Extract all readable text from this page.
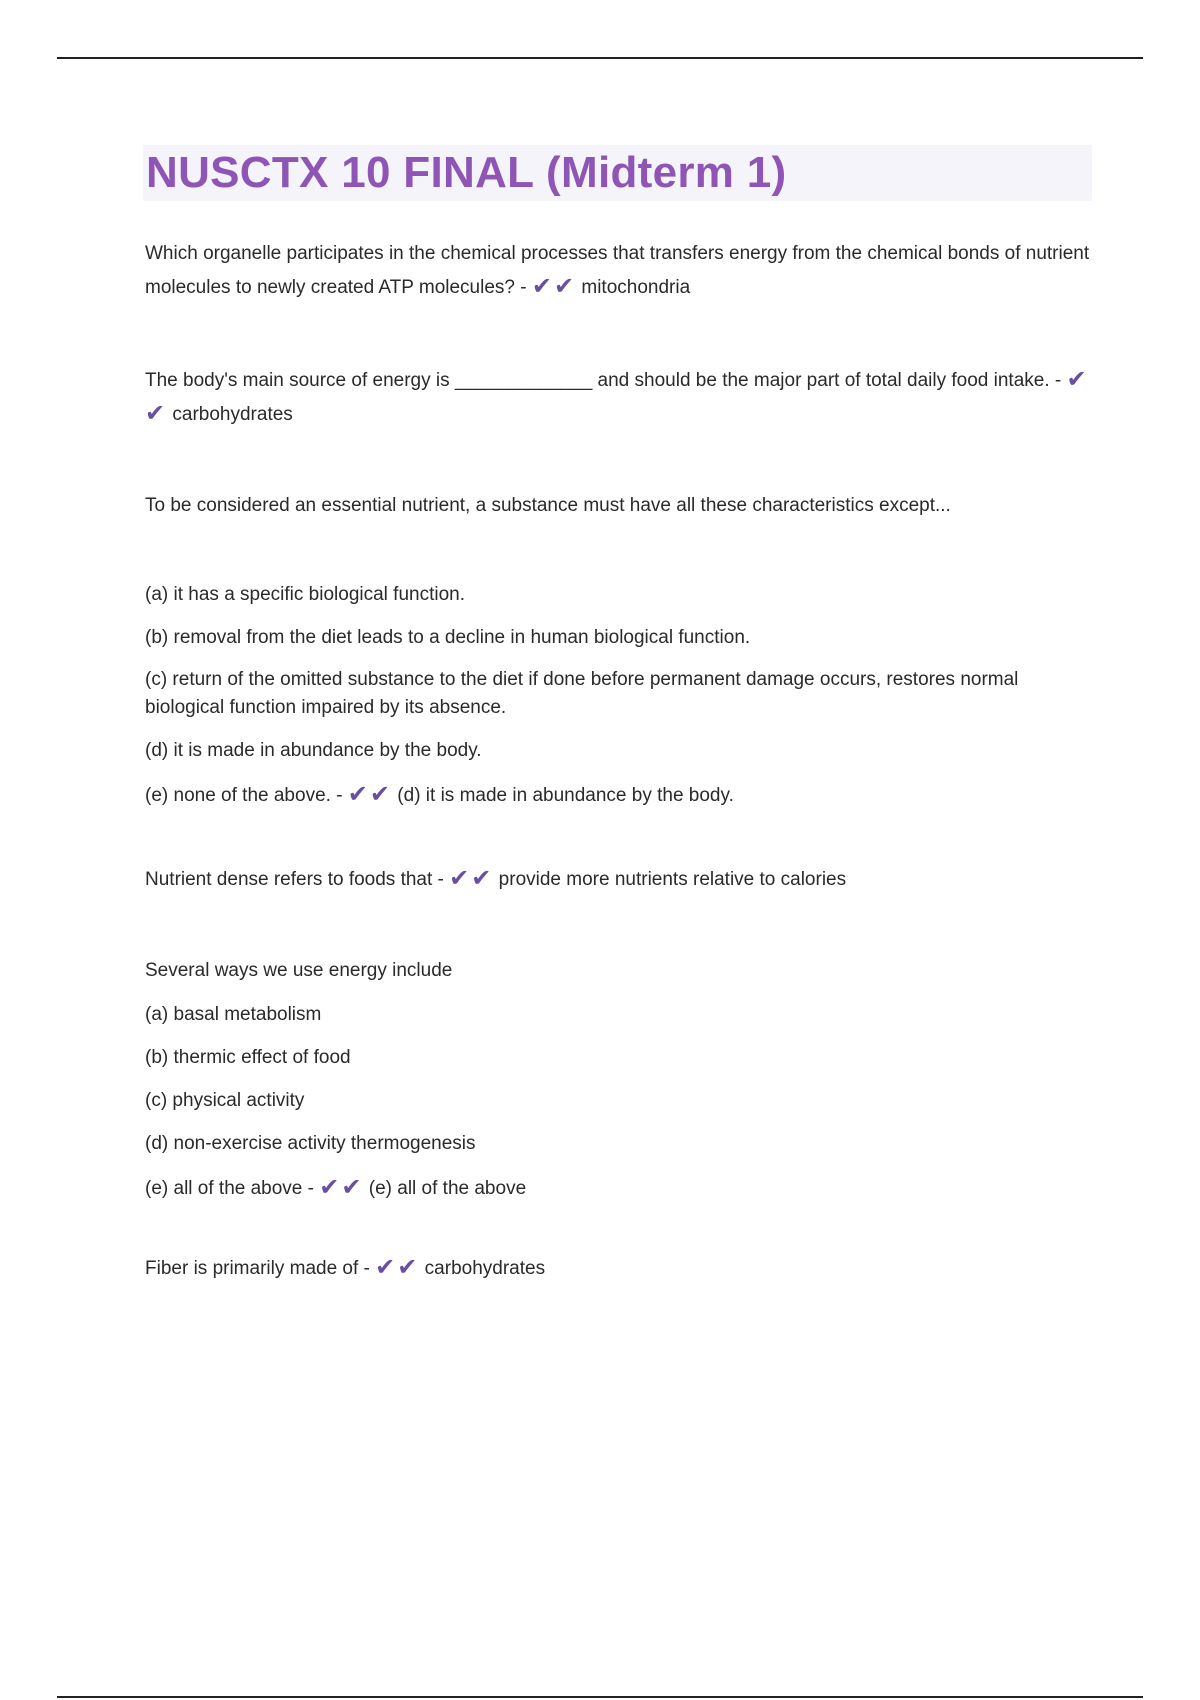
NUSCTX 10 FINAL (Midterm 1)

Which organelle participates in the chemical processes that transfers energy from the chemical bonds of nutrient molecules to newly created ATP molecules? - ✔✔ mitochondria

The body's main source of energy is _____________ and should be the major part of total daily food intake. - ✔✔ carbohydrates

To be considered an essential nutrient, a substance must have all these characteristics except...

(a) it has a specific biological function.

(b) removal from the diet leads to a decline in human biological function.

(c) return of the omitted substance to the diet if done before permanent damage occurs, restores normal biological function impaired by its absence.

(d) it is made in abundance by the body.

(e) none of the above. - ✔✔ (d) it is made in abundance by the body.

Nutrient dense refers to foods that - ✔✔ provide more nutrients relative to calories

Several ways we use energy include

(a) basal metabolism

(b) thermic effect of food

(c) physical activity

(d) non-exercise activity thermogenesis

(e) all of the above - ✔✔ (e) all of the above

Fiber is primarily made of - ✔✔ carbohydrates
